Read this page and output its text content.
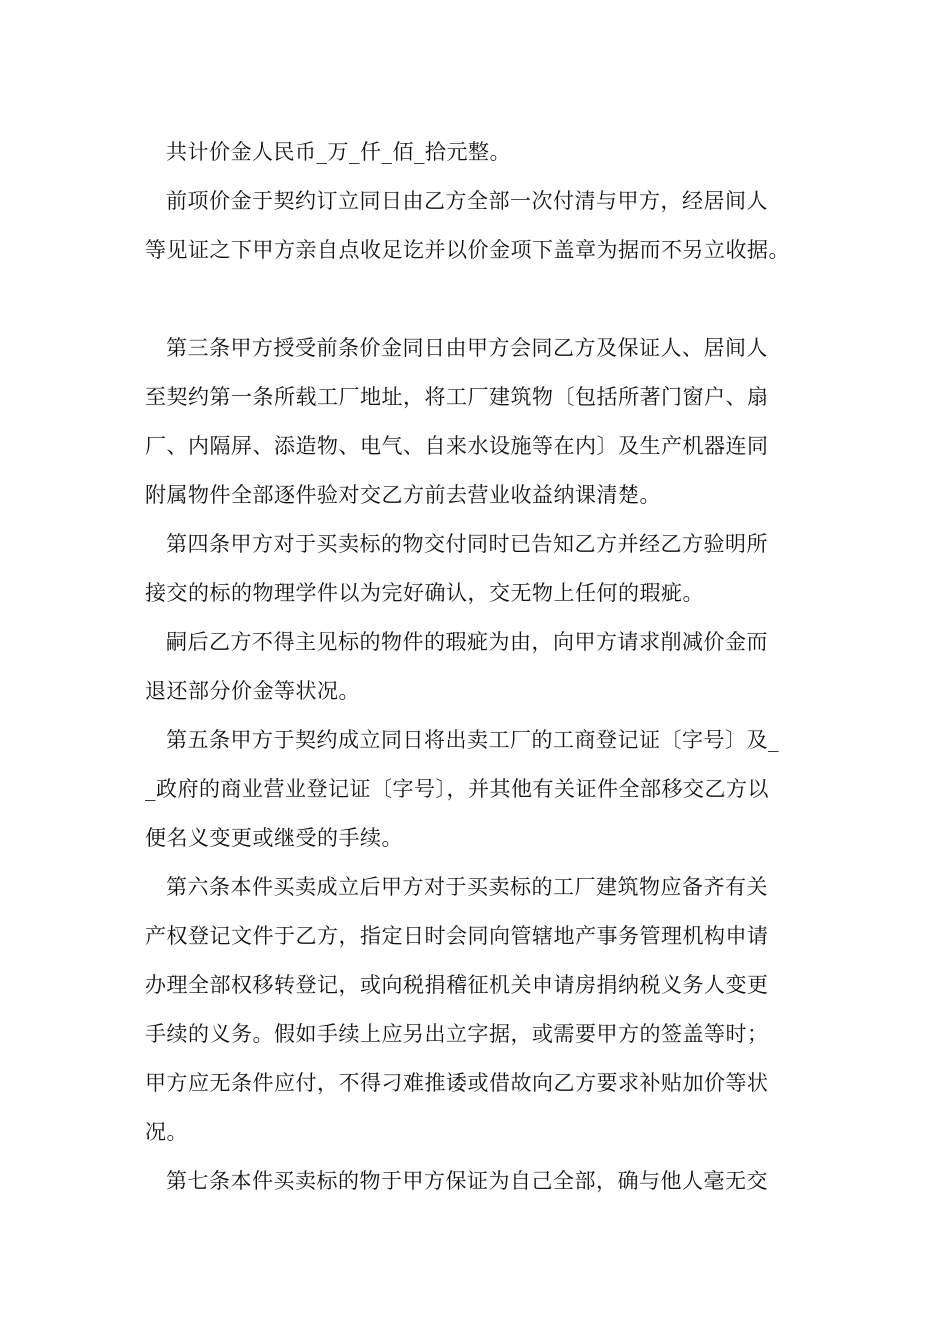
共计价金人民币_万_仟_佰_拾元整。

前项价金于契约订立同日由乙方全部一次付清与甲方，经居间人
等见证之下甲方亲自点收足讫并以价金项下盖章为据而不另立收据。

第三条甲方授受前条价金同日由甲方会同乙方及保证人、居间人
至契约第一条所载工厂地址，将工厂建筑物〔包括所著门窗户、扇
厂、内隔屏、添造物、电气、自来水设施等在内〕及生产机器连同
附属物件全部逐件验对交乙方前去营业收益纳课清楚。

第四条甲方对于买卖标的物交付同时已告知乙方并经乙方验明所
接交的标的物理学件以为完好确认，交无物上任何的瑕疵。

嗣后乙方不得主见标的物件的瑕疵为由，向甲方请求削减价金而
退还部分价金等状况。

第五条甲方于契约成立同日将出卖工厂的工商登记证〔字号〕及_
_政府的商业营业登记证〔字号〕，并其他有关证件全部移交乙方以
便名义变更或继受的手续。

第六条本件买卖成立后甲方对于买卖标的工厂建筑物应备齐有关
产权登记文件于乙方，指定日时会同向管辖地产事务管理机构申请
办理全部权移转登记，或向税捐稽征机关申请房捐纳税义务人变更
手续的义务。假如手续上应另出立字据，或需要甲方的签盖等时；
甲方应无条件应付，不得刁难推诿或借故向乙方要求补贴加价等状
况。

第七条本件买卖标的物于甲方保证为自己全部，确与他人毫无交
